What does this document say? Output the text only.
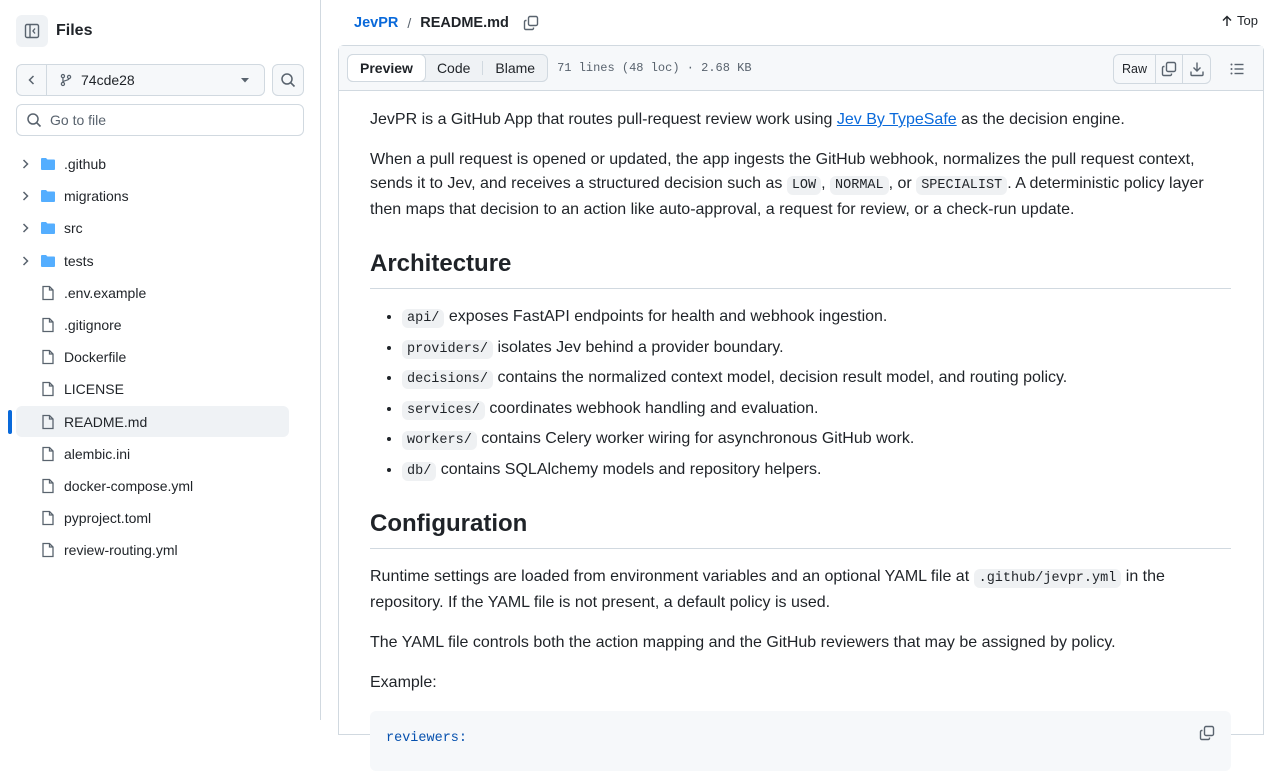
Files
74cde28
Go to file
.github
migrations
src
tests
.env.example
.gitignore
Dockerfile
LICENSE
README.md
alembic.ini
docker-compose.yml
pyproject.toml
review-routing.yml
JevPR / README.md	Top
Preview	Code	Blame	71 lines (48 loc) · 2.68 KB	Raw

JevPR is a GitHub App that routes pull-request review work using Jev By TypeSafe as the decision engine.

When a pull request is opened or updated, the app ingests the GitHub webhook, normalizes the pull request context, sends it to Jev, and receives a structured decision such as LOW , NORMAL , or SPECIALIST . A deterministic policy layer then maps that decision to an action like auto-approval, a request for review, or a check-run update.

Architecture
• api/ exposes FastAPI endpoints for health and webhook ingestion.
• providers/ isolates Jev behind a provider boundary.
• decisions/ contains the normalized context model, decision result model, and routing policy.
• services/ coordinates webhook handling and evaluation.
• workers/ contains Celery worker wiring for asynchronous GitHub work.
• db/ contains SQLAlchemy models and repository helpers.
Configuration

Runtime settings are loaded from environment variables and an optional YAML file at .github/jevpr.yml in the repository. If the YAML file is not present, a default policy is used.

The YAML file controls both the action mapping and the GitHub reviewers that may be assigned by policy.

Example:

reviewers:
